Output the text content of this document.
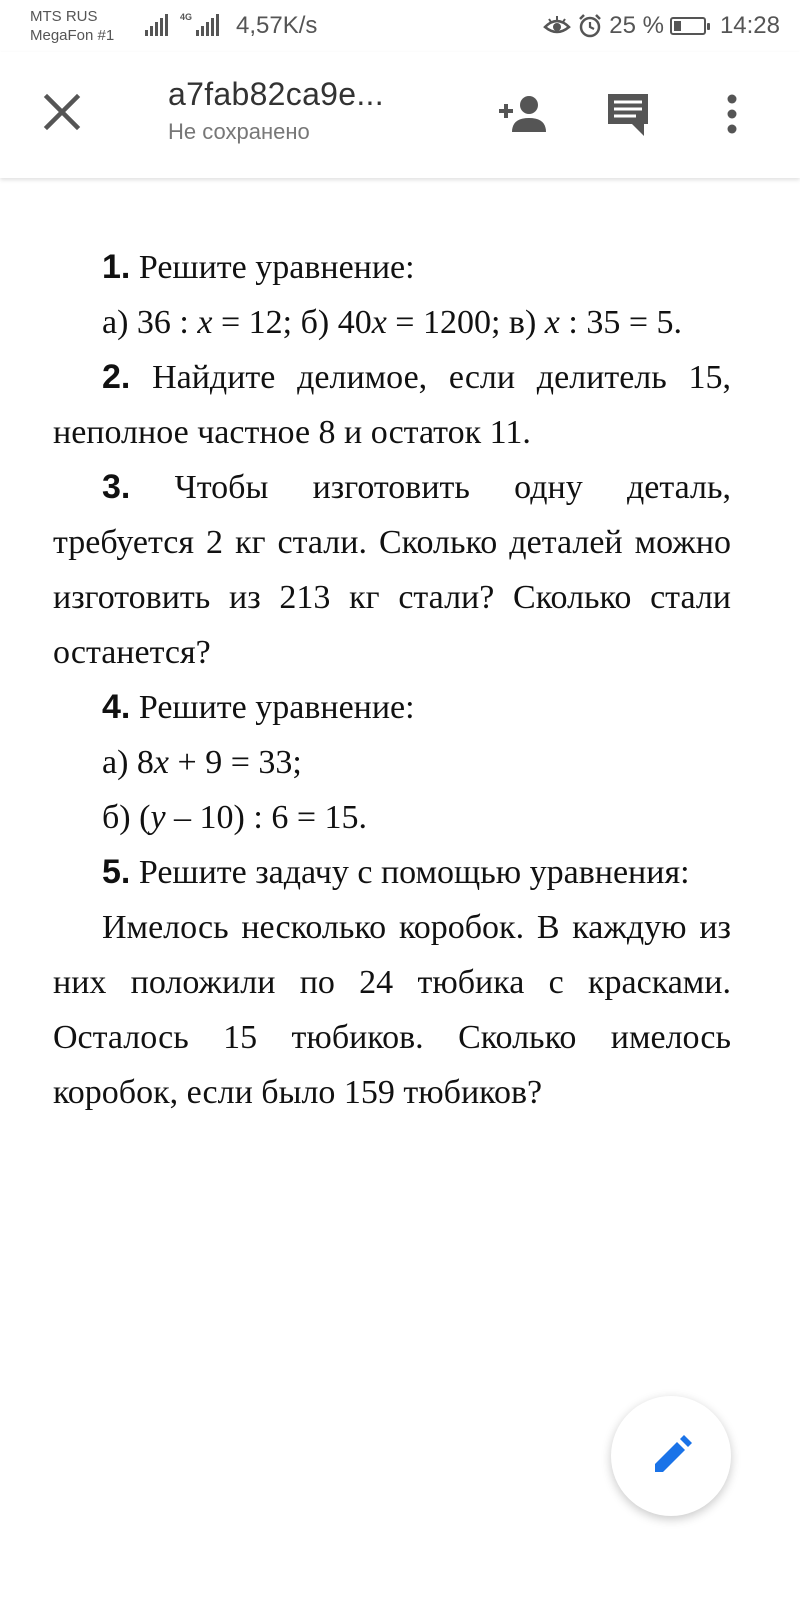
MTS RUS
MegaFon #1
4G 4,57K/s	25 % 14:28
a7fab82ca9e...
Не сохранено

1. Решите уравнение:

а) 36 : x = 12; б) 40x = 1200; в) x : 35 = 5.

2. Найдите делимое, если делитель 15, неполное частное 8 и остаток 11.

3. Чтобы изготовить одну деталь, требуется 2 кг стали. Сколько деталей можно изготовить из 213 кг стали? Сколько стали останется?

4. Решите уравнение:

а) 8x + 9 = 33;

б) (y – 10) : 6 = 15.

5. Решите задачу с помощью уравнения:

Имелось несколько коробок. В каждую из них положили по 24 тюбика с красками. Осталось 15 тюбиков. Сколько имелось коробок, если было 159 тюбиков?
